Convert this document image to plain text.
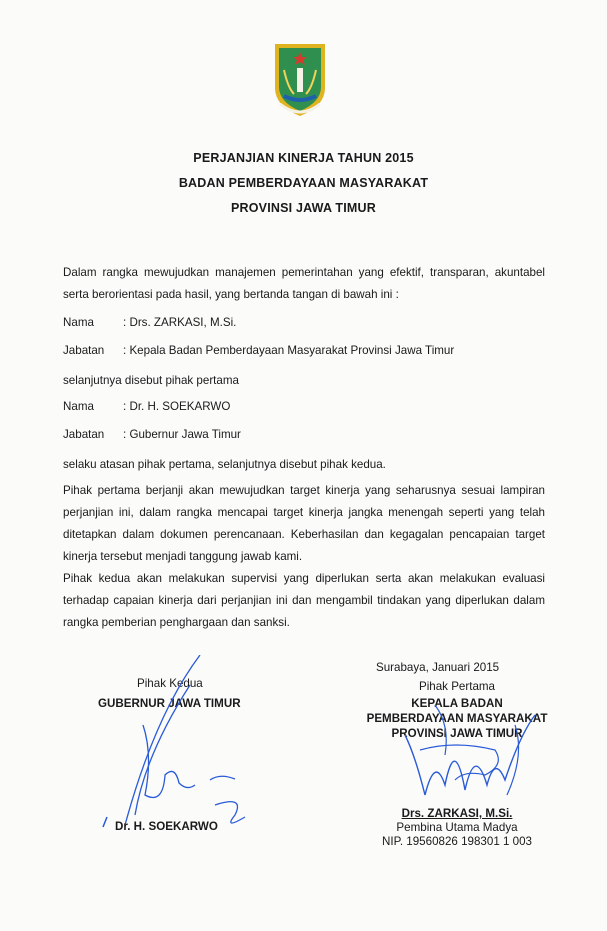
PERJANJIAN KINERJA TAHUN 2015
BADAN PEMBERDAYAAN MASYARAKAT
PROVINSI JAWA TIMUR
Dalam rangka mewujudkan manajemen pemerintahan yang efektif, transparan, akuntabel serta berorientasi pada hasil, yang bertanda tangan di bawah ini :
Nama	: Drs. ZARKASI, M.Si.
Jabatan : Kepala Badan Pemberdayaan Masyarakat Provinsi Jawa Timur
selanjutnya disebut pihak pertama
Nama	: Dr. H. SOEKARWO
Jabatan : Gubernur Jawa Timur
selaku atasan pihak pertama, selanjutnya disebut pihak kedua.
Pihak pertama berjanji akan mewujudkan target kinerja yang seharusnya sesuai lampiran perjanjian ini, dalam rangka mencapai target kinerja jangka menengah seperti yang telah ditetapkan dalam dokumen perencanaan. Keberhasilan dan kegagalan pencapaian target kinerja tersebut menjadi tanggung jawab kami.
Pihak kedua akan melakukan supervisi yang diperlukan serta akan melakukan evaluasi terhadap capaian kinerja dari perjanjian ini dan mengambil tindakan yang diperlukan dalam rangka pemberian penghargaan dan sanksi.
Pihak Kedua
GUBERNUR JAWA TIMUR
Dr. H. SOEKARWO
Surabaya, Januari 2015
Pihak Pertama
KEPALA BADAN
PEMBERDAYAAN MASYARAKAT
PROVINSI JAWA TIMUR
Drs. ZARKASI, M.Si.
Pembina Utama Madya
NIP. 19560826 198301 1 003
